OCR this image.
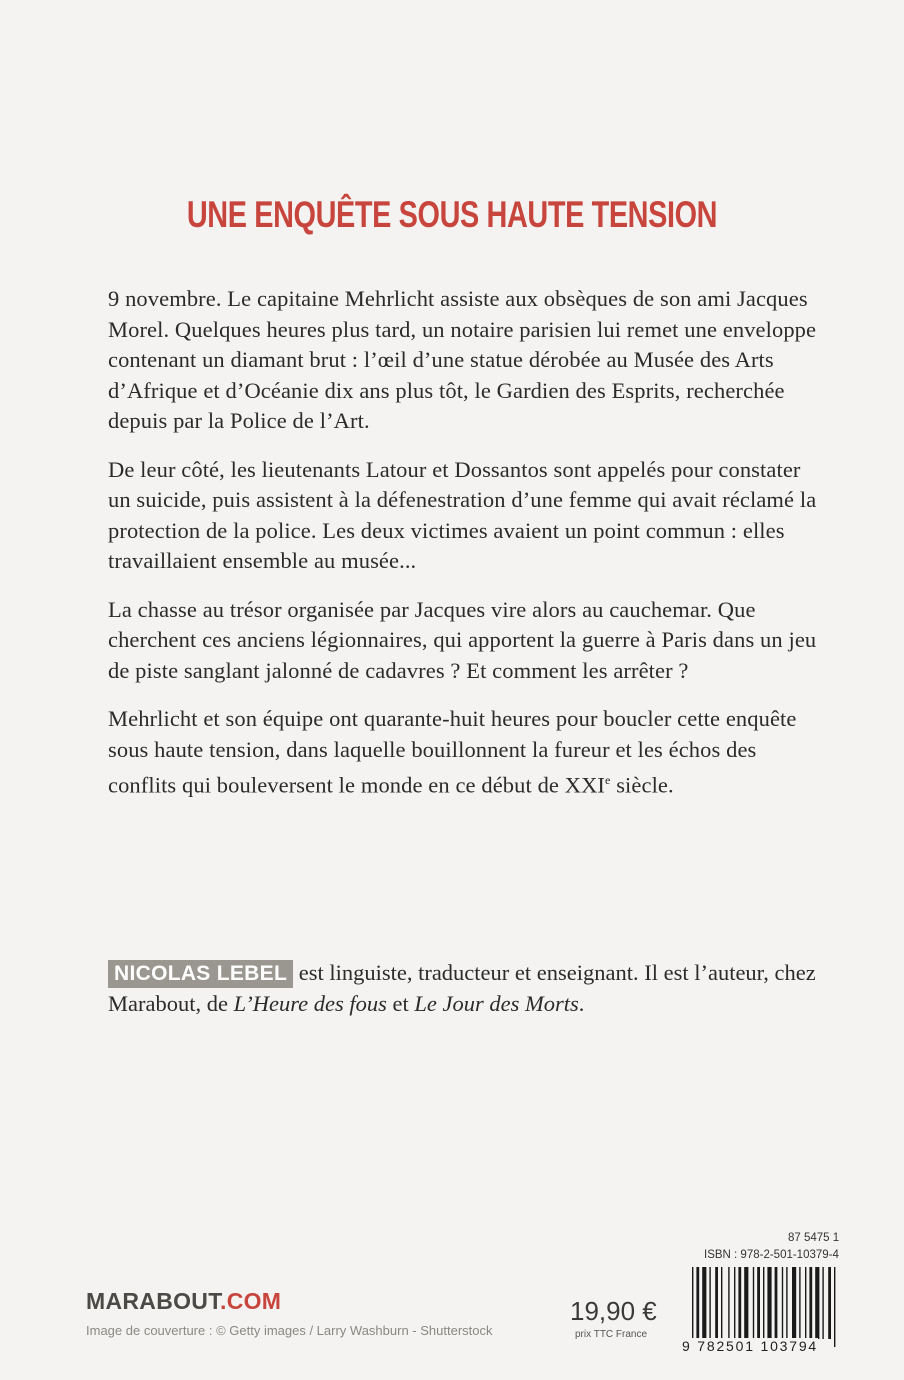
UNE ENQUÊTE SOUS HAUTE TENSION

9 novembre. Le capitaine Mehrlicht assiste aux obsèques de son ami Jacques Morel. Quelques heures plus tard, un notaire parisien lui remet une enveloppe contenant un diamant brut : l’œil d’une statue dérobée au Musée des Arts d’Afrique et d’Océanie dix ans plus tôt, le Gardien des Esprits, recherchée depuis par la Police de l’Art.

De leur côté, les lieutenants Latour et Dossantos sont appelés pour constater un suicide, puis assistent à la défenestration d’une femme qui avait réclamé la protection de la police. Les deux victimes avaient un point commun : elles travaillaient ensemble au musée...

La chasse au trésor organisée par Jacques vire alors au cauchemar. Que cherchent ces anciens légionnaires, qui apportent la guerre à Paris dans un jeu de piste sanglant jalonné de cadavres ? Et comment les arrêter ?

Mehrlicht et son équipe ont quarante-huit heures pour boucler cette enquête sous haute tension, dans laquelle bouillonnent la fureur et les échos des conflits qui bouleversent le monde en ce début de XXIe siècle.

NICOLAS LEBEL est linguiste, traducteur et enseignant. Il est l’auteur, chez Marabout, de L’Heure des fous et Le Jour des Morts.
MARABOUT.COM
Image de couverture : © Getty images / Larry Washburn - Shutterstock
19,90 €
prix TTC France
87 5475 1
ISBN : 978-2-501-10379-4
9 782501 103794
